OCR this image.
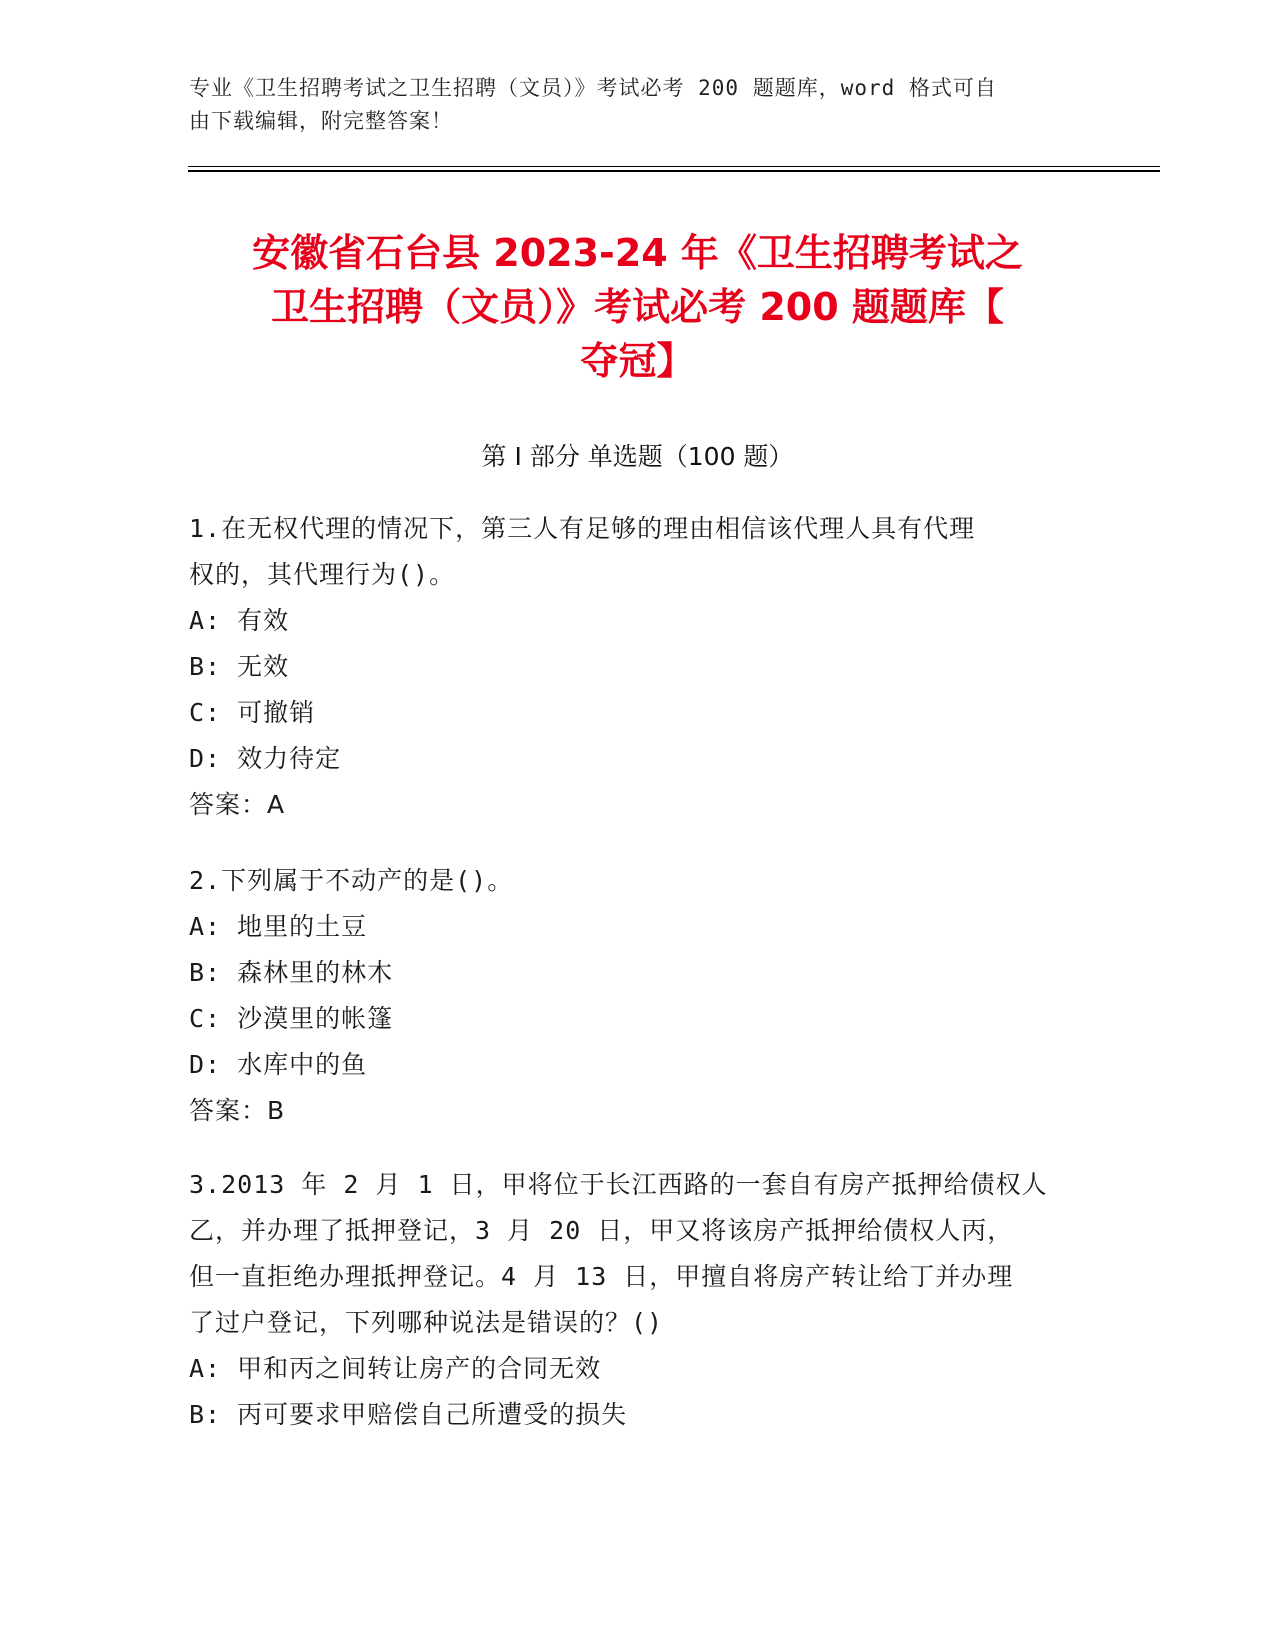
专业《卫生招聘考试之卫生招聘（文员）》考试必考 200 题题库，word 格式可自
由下载编辑，附完整答案！
安徽省石台县 2023-24 年《卫生招聘考试之
卫生招聘（文员）》考试必考 200 题题库【
夺冠】
第 I 部分 单选题（100 题）
1.在无权代理的情况下，第三人有足够的理由相信该代理人具有代理
权的，其代理行为()。
A: 有效
B: 无效
C: 可撤销
D: 效力待定
答案：A
2.下列属于不动产的是()。
A: 地里的土豆
B: 森林里的林木
C: 沙漠里的帐篷
D: 水库中的鱼
答案：B
3.2013 年 2 月 1 日，甲将位于长江西路的一套自有房产抵押给债权人
乙，并办理了抵押登记，3 月 20 日，甲又将该房产抵押给债权人丙，
但一直拒绝办理抵押登记。4 月 13 日，甲擅自将房产转让给丁并办理
了过户登记，下列哪种说法是错误的？()
A: 甲和丙之间转让房产的合同无效
B: 丙可要求甲赔偿自己所遭受的损失
